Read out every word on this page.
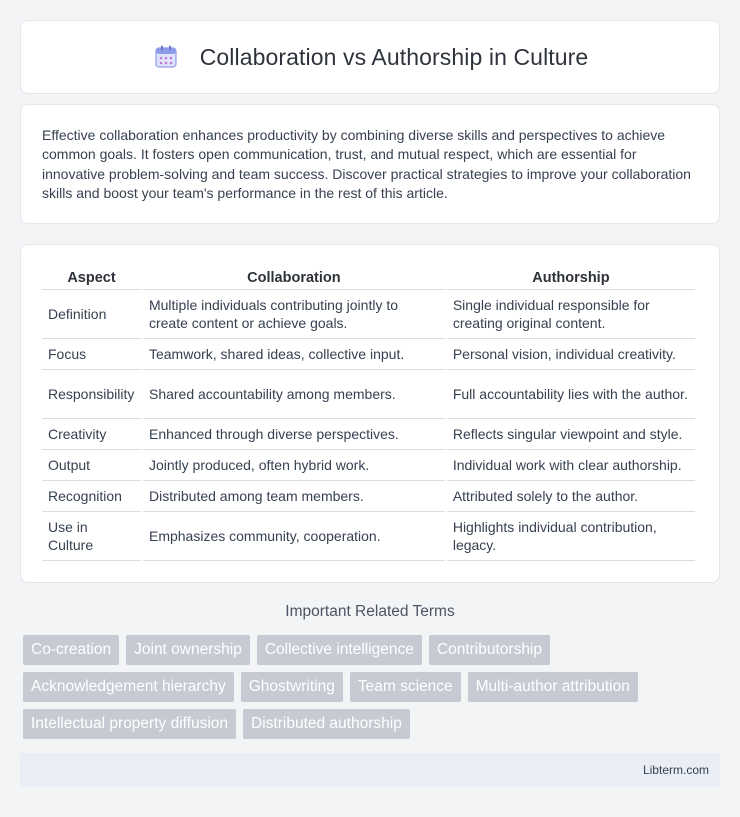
Collaboration vs Authorship in Culture

Effective collaboration enhances productivity by combining diverse skills and perspectives to achieve common goals. It fosters open communication, trust, and mutual respect, which are essential for innovative problem-solving and team success. Discover practical strategies to improve your collaboration skills and boost your team's performance in the rest of this article.

Aspect	Collaboration	Authorship
Definition	Multiple individuals contributing jointly to create content or achieve goals.	Single individual responsible for creating original content.
Focus	Teamwork, shared ideas, collective input.	Personal vision, individual creativity.
Responsibility	Shared accountability among members.	Full accountability lies with the author.
Creativity	Enhanced through diverse perspectives.	Reflects singular viewpoint and style.
Output	Jointly produced, often hybrid work.	Individual work with clear authorship.
Recognition	Distributed among team members.	Attributed solely to the author.
Use in Culture	Emphasizes community, cooperation.	Highlights individual contribution, legacy.
Important Related Terms
Co-creation	Joint ownership	Collective intelligence	Contributorship
Acknowledgement hierarchy	Ghostwriting	Team science	Multi-author attribution
Intellectual property diffusion	Distributed authorship
Libterm.com
